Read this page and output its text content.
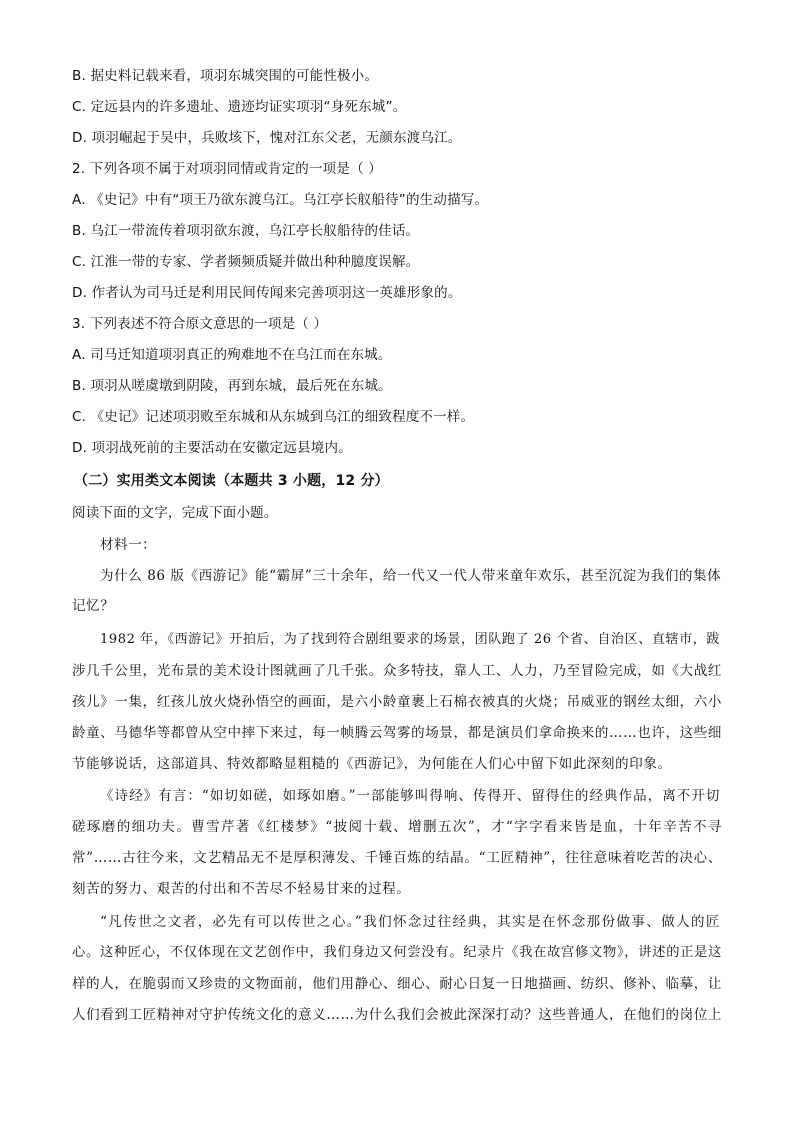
B. 据史料记载来看，项羽东城突围的可能性极小。
C. 定远县内的许多遗址、遗迹均证实项羽“身死东城”。
D. 项羽崛起于吴中，兵败垓下，愧对江东父老，无颜东渡乌江。
2. 下列各项不属于对项羽同情或肯定的一项是（ ）
A. 《史记》中有“项王乃欲东渡乌江。乌江亭长舣船待”的生动描写。
B. 乌江一带流传着项羽欲东渡，乌江亭长舣船待的佳话。
C. 江淮一带的专家、学者频频质疑并做出种种臆度误解。
D. 作者认为司马迁是利用民间传闻来完善项羽这一英雄形象的。
3. 下列表述不符合原文意思的一项是（ ）
A. 司马迁知道项羽真正的殉难地不在乌江而在东城。
B. 项羽从嗟虞墩到阴陵，再到东城，最后死在东城。
C. 《史记》记述项羽败至东城和从东城到乌江的细致程度不一样。
D. 项羽战死前的主要活动在安徽定远县境内。
（二）实用类文本阅读（本题共 3 小题，12 分）
阅读下面的文字，完成下面小题。
材料一：
为什么 86 版《西游记》能“霸屏”三十余年，给一代又一代人带来童年欢乐，甚至沉淀为我们的集体
记忆？
1982 年，《西游记》开拍后，为了找到符合剧组要求的场景，团队跑了 26 个省、自治区、直辖市，跋
涉几千公里，光布景的美术设计图就画了几千张。众多特技，靠人工、人力，乃至冒险完成，如《大战红
孩儿》一集，红孩儿放火烧孙悟空的画面，是六小龄童裹上石棉衣被真的火烧；吊威亚的钢丝太细，六小
龄童、马德华等都曾从空中摔下来过，每一帧腾云驾雾的场景，都是演员们拿命换来的……也许，这些细
节能够说话，这部道具、特效都略显粗糙的《西游记》，为何能在人们心中留下如此深刻的印象。
《诗经》有言：“如切如磋，如琢如磨。”一部能够叫得响、传得开、留得住的经典作品，离不开切
磋琢磨的细功夫。曹雪芹著《红楼梦》“披阅十载、增删五次”，才“字字看来皆是血，十年辛苦不寻
常”……古往今来，文艺精品无不是厚积薄发、千锤百炼的结晶。“工匠精神”，往往意味着吃苦的决心、
刻苦的努力、艰苦的付出和不苦尽不轻易甘来的过程。
“凡传世之文者，必先有可以传世之心。”我们怀念过往经典，其实是在怀念那份做事、做人的匠
心。这种匠心，不仅体现在文艺创作中，我们身边又何尝没有。纪录片《我在故宫修文物》，讲述的正是这
样的人，在脆弱而又珍贵的文物面前，他们用静心、细心、耐心日复一日地描画、纺织、修补、临摹，让
人们看到工匠精神对守护传统文化的意义……为什么我们会被此深深打动？这些普通人，在他们的岗位上
